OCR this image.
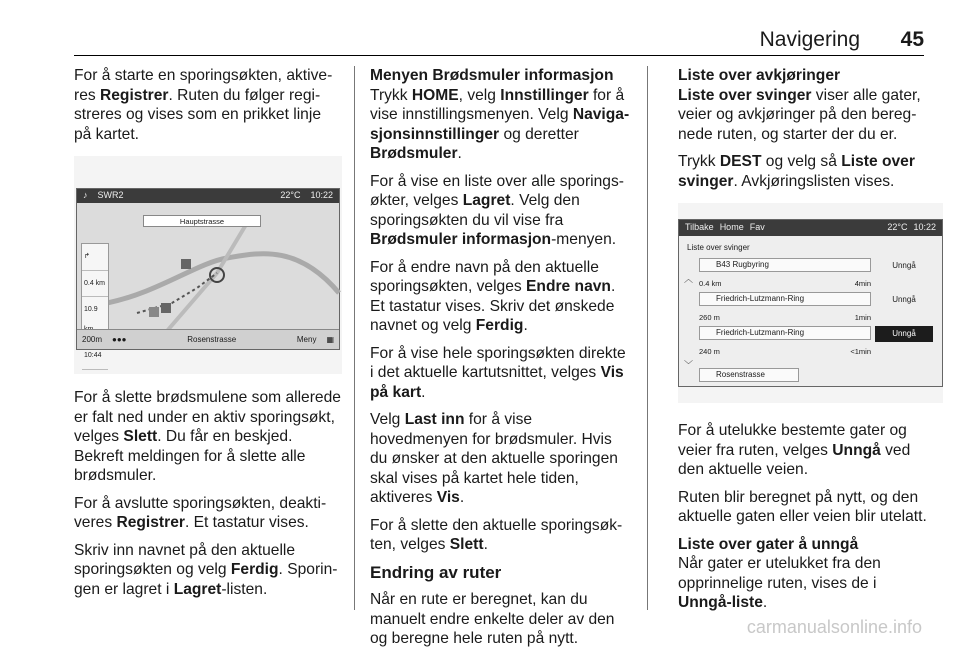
Navigering 45

For å starte en sporingsøkten, aktiveres Registrer. Ruten du følger registreres og vises som en prikket linje på kartet.

♪ SWR2	22°C 10:22
Hauptstrasse
↱
0.4 km
10.9
10:44
200m	●●●	Rosenstrasse	Meny	▦

For å slette brødsmulene som allerede er falt ned under en aktiv sporingsøkt, velges Slett. Du får en beskjed. Bekreft meldingen for å slette alle brødsmuler.

For å avslutte sporingsøkten, deaktiveres Registrer. Et tastatur vises.

Skriv inn navnet på den aktuelle sporingsøkten og velg Ferdig. Sporingen er lagret i Lagret-listen.

Menyen Brødsmuler informasjon

Trykk HOME, velg Innstillinger for å vise innstillingsmenyen. Velg Navigasjonsinnstillinger og deretter Brødsmuler.

For å vise en liste over alle sporingsøkter, velges Lagret. Velg den sporingsøkten du vil vise fra Brødsmuler informasjon-menyen.

For å endre navn på den aktuelle sporingsøkten, velges Endre navn. Et tastatur vises. Skriv det ønskede navnet og velg Ferdig.

For å vise hele sporingsøkten direkte i det aktuelle kartutsnittet, velges Vis på kart.

Velg Last inn for å vise hovedmenyen for brødsmuler. Hvis du ønsker at den aktuelle sporingen skal vises på kartet hele tiden, aktiveres Vis.

For å slette den aktuelle sporingsøkten, velges Slett.

Endring av ruter

Når en rute er beregnet, kan du manuelt endre enkelte deler av den og beregne hele ruten på nytt.

Liste over avkjøringer

Liste over svinger viser alle gater, veier og avkjøringer på den beregnede ruten, og starter der du er.

Trykk DEST og velg så Liste over svinger. Avkjøringslisten vises.

Tilbake Home Fav	22°C 10:22
Liste over svinger
︿
﹀
B43 Rugbyring
0.4 km	4min
Unngå
Friedrich-Lutzmann-Ring
260 m	1min
Unngå
Friedrich-Lutzmann-Ring
240 m	<1min
Unngå
Rosenstrasse

For å utelukke bestemte gater og veier fra ruten, velges Unngå ved den aktuelle veien.

Ruten blir beregnet på nytt, og den aktuelle gaten eller veien blir utelatt.

Liste over gater å unngå

Når gater er utelukket fra den opprinnelige ruten, vises de i Unngå-liste.

carmanualsonline.info
